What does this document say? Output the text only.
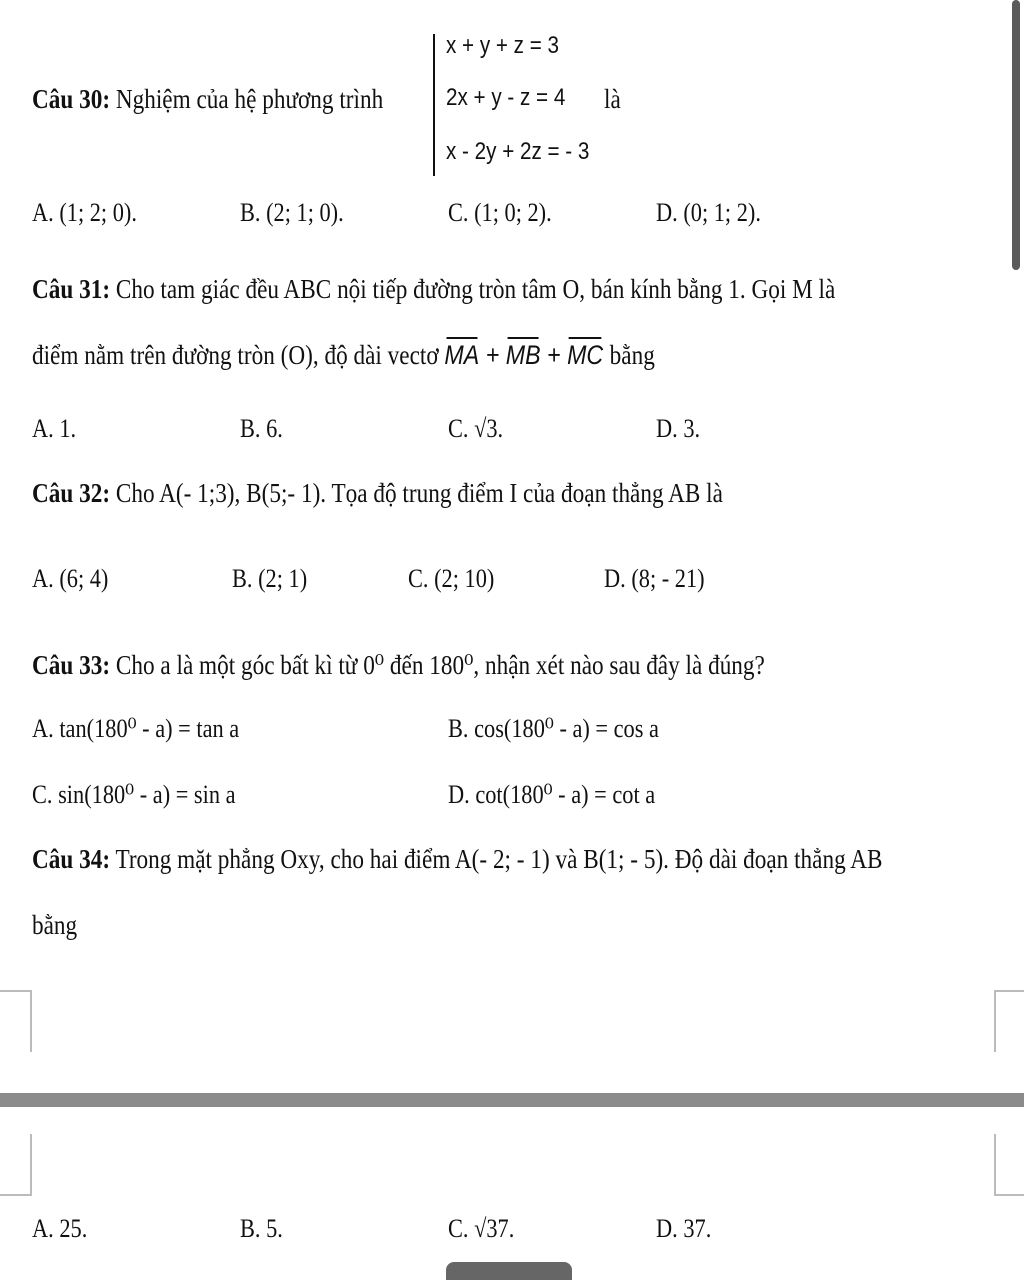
Câu 30: Nghiệm của hệ phương trình
x + y + z = 3
2x + y - z = 4
x - 2y + 2z = - 3
là
A. (1; 2; 0).	B. (2; 1; 0).	C. (1; 0; 2).	D. (0; 1; 2).
Câu 31: Cho tam giác đều ABC nội tiếp đường tròn tâm O, bán kính bằng 1. Gọi M là
điểm nằm trên đường tròn (O), độ dài vectơ MA + MB + MC bằng
A. 1.	B. 6.	C. √3.	D. 3.
Câu 32: Cho A(- 1;3), B(5;- 1). Tọa độ trung điểm I của đoạn thẳng AB là
A. (6; 4)	B. (2; 1)	C. (2; 10)	D. (8; - 21)
Câu 33: Cho a là một góc bất kì từ 0⁰ đến 180⁰, nhận xét nào sau đây là đúng?
A. tan(180⁰ - a) = tan a	B. cos(180⁰ - a) = cos a
C. sin(180⁰ - a) = sin a	D. cot(180⁰ - a) = cot a
Câu 34: Trong mặt phẳng Oxy, cho hai điểm A(- 2; - 1) và B(1; - 5). Độ dài đoạn thẳng AB
bằng
A. 25.	B. 5.	C. √37.	D. 37.
